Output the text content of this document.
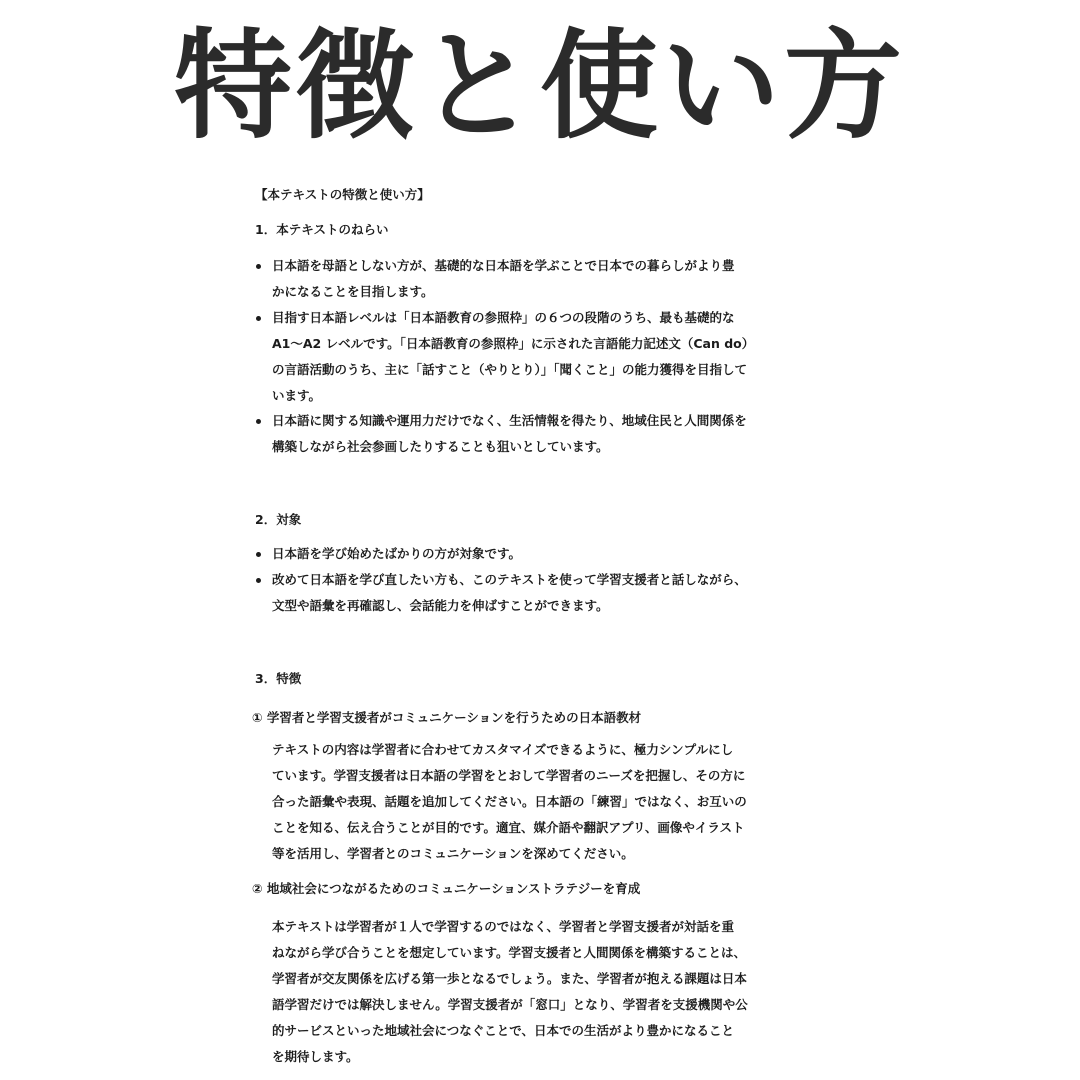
特徴と使い方
【本テキストの特徴と使い方】
1．本テキストのねらい
日本語を母語としない方が、基礎的な日本語を学ぶことで日本での暮らしがより豊
かになることを目指します。
目指す日本語レベルは「日本語教育の参照枠」の６つの段階のうち、最も基礎的な
A1～A2 レベルです。「日本語教育の参照枠」に示された言語能力記述文（Can do）
の言語活動のうち、主に「話すこと（やりとり）」「聞くこと」の能力獲得を目指して
います。
日本語に関する知識や運用力だけでなく、生活情報を得たり、地域住民と人間関係を
構築しながら社会参画したりすることも狙いとしています。
2．対象
日本語を学び始めたばかりの方が対象です。
改めて日本語を学び直したい方も、このテキストを使って学習支援者と話しながら、
文型や語彙を再確認し、会話能力を伸ばすことができます。
3．特徴
① 学習者と学習支援者がコミュニケーションを行うための日本語教材
テキストの内容は学習者に合わせてカスタマイズできるように、極力シンプルにし
ています。学習支援者は日本語の学習をとおして学習者のニーズを把握し、その方に
合った語彙や表現、話題を追加してください。日本語の「練習」ではなく、お互いの
ことを知る、伝え合うことが目的です。適宜、媒介語や翻訳アプリ、画像やイラスト
等を活用し、学習者とのコミュニケーションを深めてください。
② 地域社会につながるためのコミュニケーションストラテジーを育成
本テキストは学習者が１人で学習するのではなく、学習者と学習支援者が対話を重
ねながら学び合うことを想定しています。学習支援者と人間関係を構築することは、
学習者が交友関係を広げる第一歩となるでしょう。また、学習者が抱える課題は日本
語学習だけでは解決しません。学習支援者が「窓口」となり、学習者を支援機関や公
的サービスといった地域社会につなぐことで、日本での生活がより豊かになること
を期待します。
